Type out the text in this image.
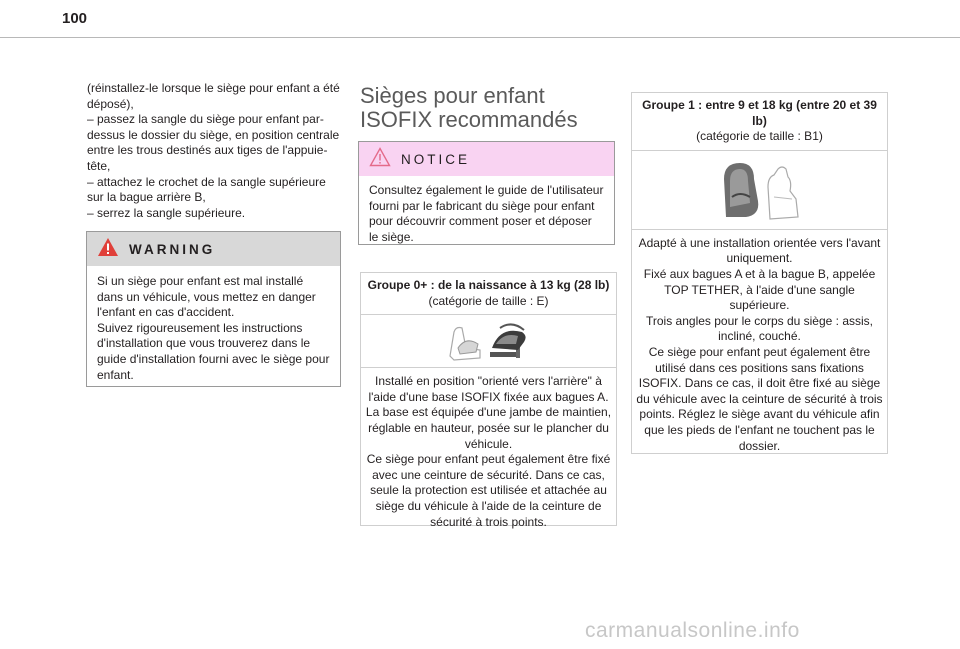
100

(réinstallez-le lorsque le siège pour enfant a été déposé),

– passez la sangle du siège pour enfant par-dessus le dossier du siège, en position centrale entre les trous destinés aux tiges de l'appuie-tête,

– attachez le crochet de la sangle supérieure sur la bague arrière B,

– serrez la sangle supérieure.

WARNING
Si un siège pour enfant est mal installé dans un véhicule, vous mettez en danger l'enfant en cas d'accident.
Suivez rigoureusement les instructions d'installation que vous trouverez dans le guide d'installation fourni avec le siège pour enfant.
Sièges pour enfant
ISOFIX recommandés
NOTICE
Consultez également le guide de l'utilisateur fourni par le fabricant du siège pour enfant pour découvrir comment poser et déposer le siège.
Groupe 0+ : de la naissance à 13 kg (28 lb)
(catégorie de taille : E)

Installé en position "orienté vers l'arrière" à l'aide d'une base ISOFIX fixée aux bagues A. La base est équipée d'une jambe de maintien, réglable en hauteur, posée sur le plancher du véhicule.

Ce siège pour enfant peut également être fixé avec une ceinture de sécurité. Dans ce cas, seule la protection est utilisée et attachée au siège du véhicule à l'aide de la ceinture de sécurité à trois points.

Groupe 1 : entre 9 et 18 kg (entre 20 et 39 lb)
(catégorie de taille : B1)

Adapté à une installation orientée vers l'avant uniquement.

Fixé aux bagues A et à la bague B, appelée TOP TETHER, à l'aide d'une sangle supérieure.

Trois angles pour le corps du siège : assis, incliné, couché.

Ce siège pour enfant peut également être utilisé dans ces positions sans fixations ISOFIX. Dans ce cas, il doit être fixé au siège du véhicule avec la ceinture de sécurité à trois points. Réglez le siège avant du véhicule afin que les pieds de l'enfant ne touchent pas le dossier.

carmanualsonline.info
